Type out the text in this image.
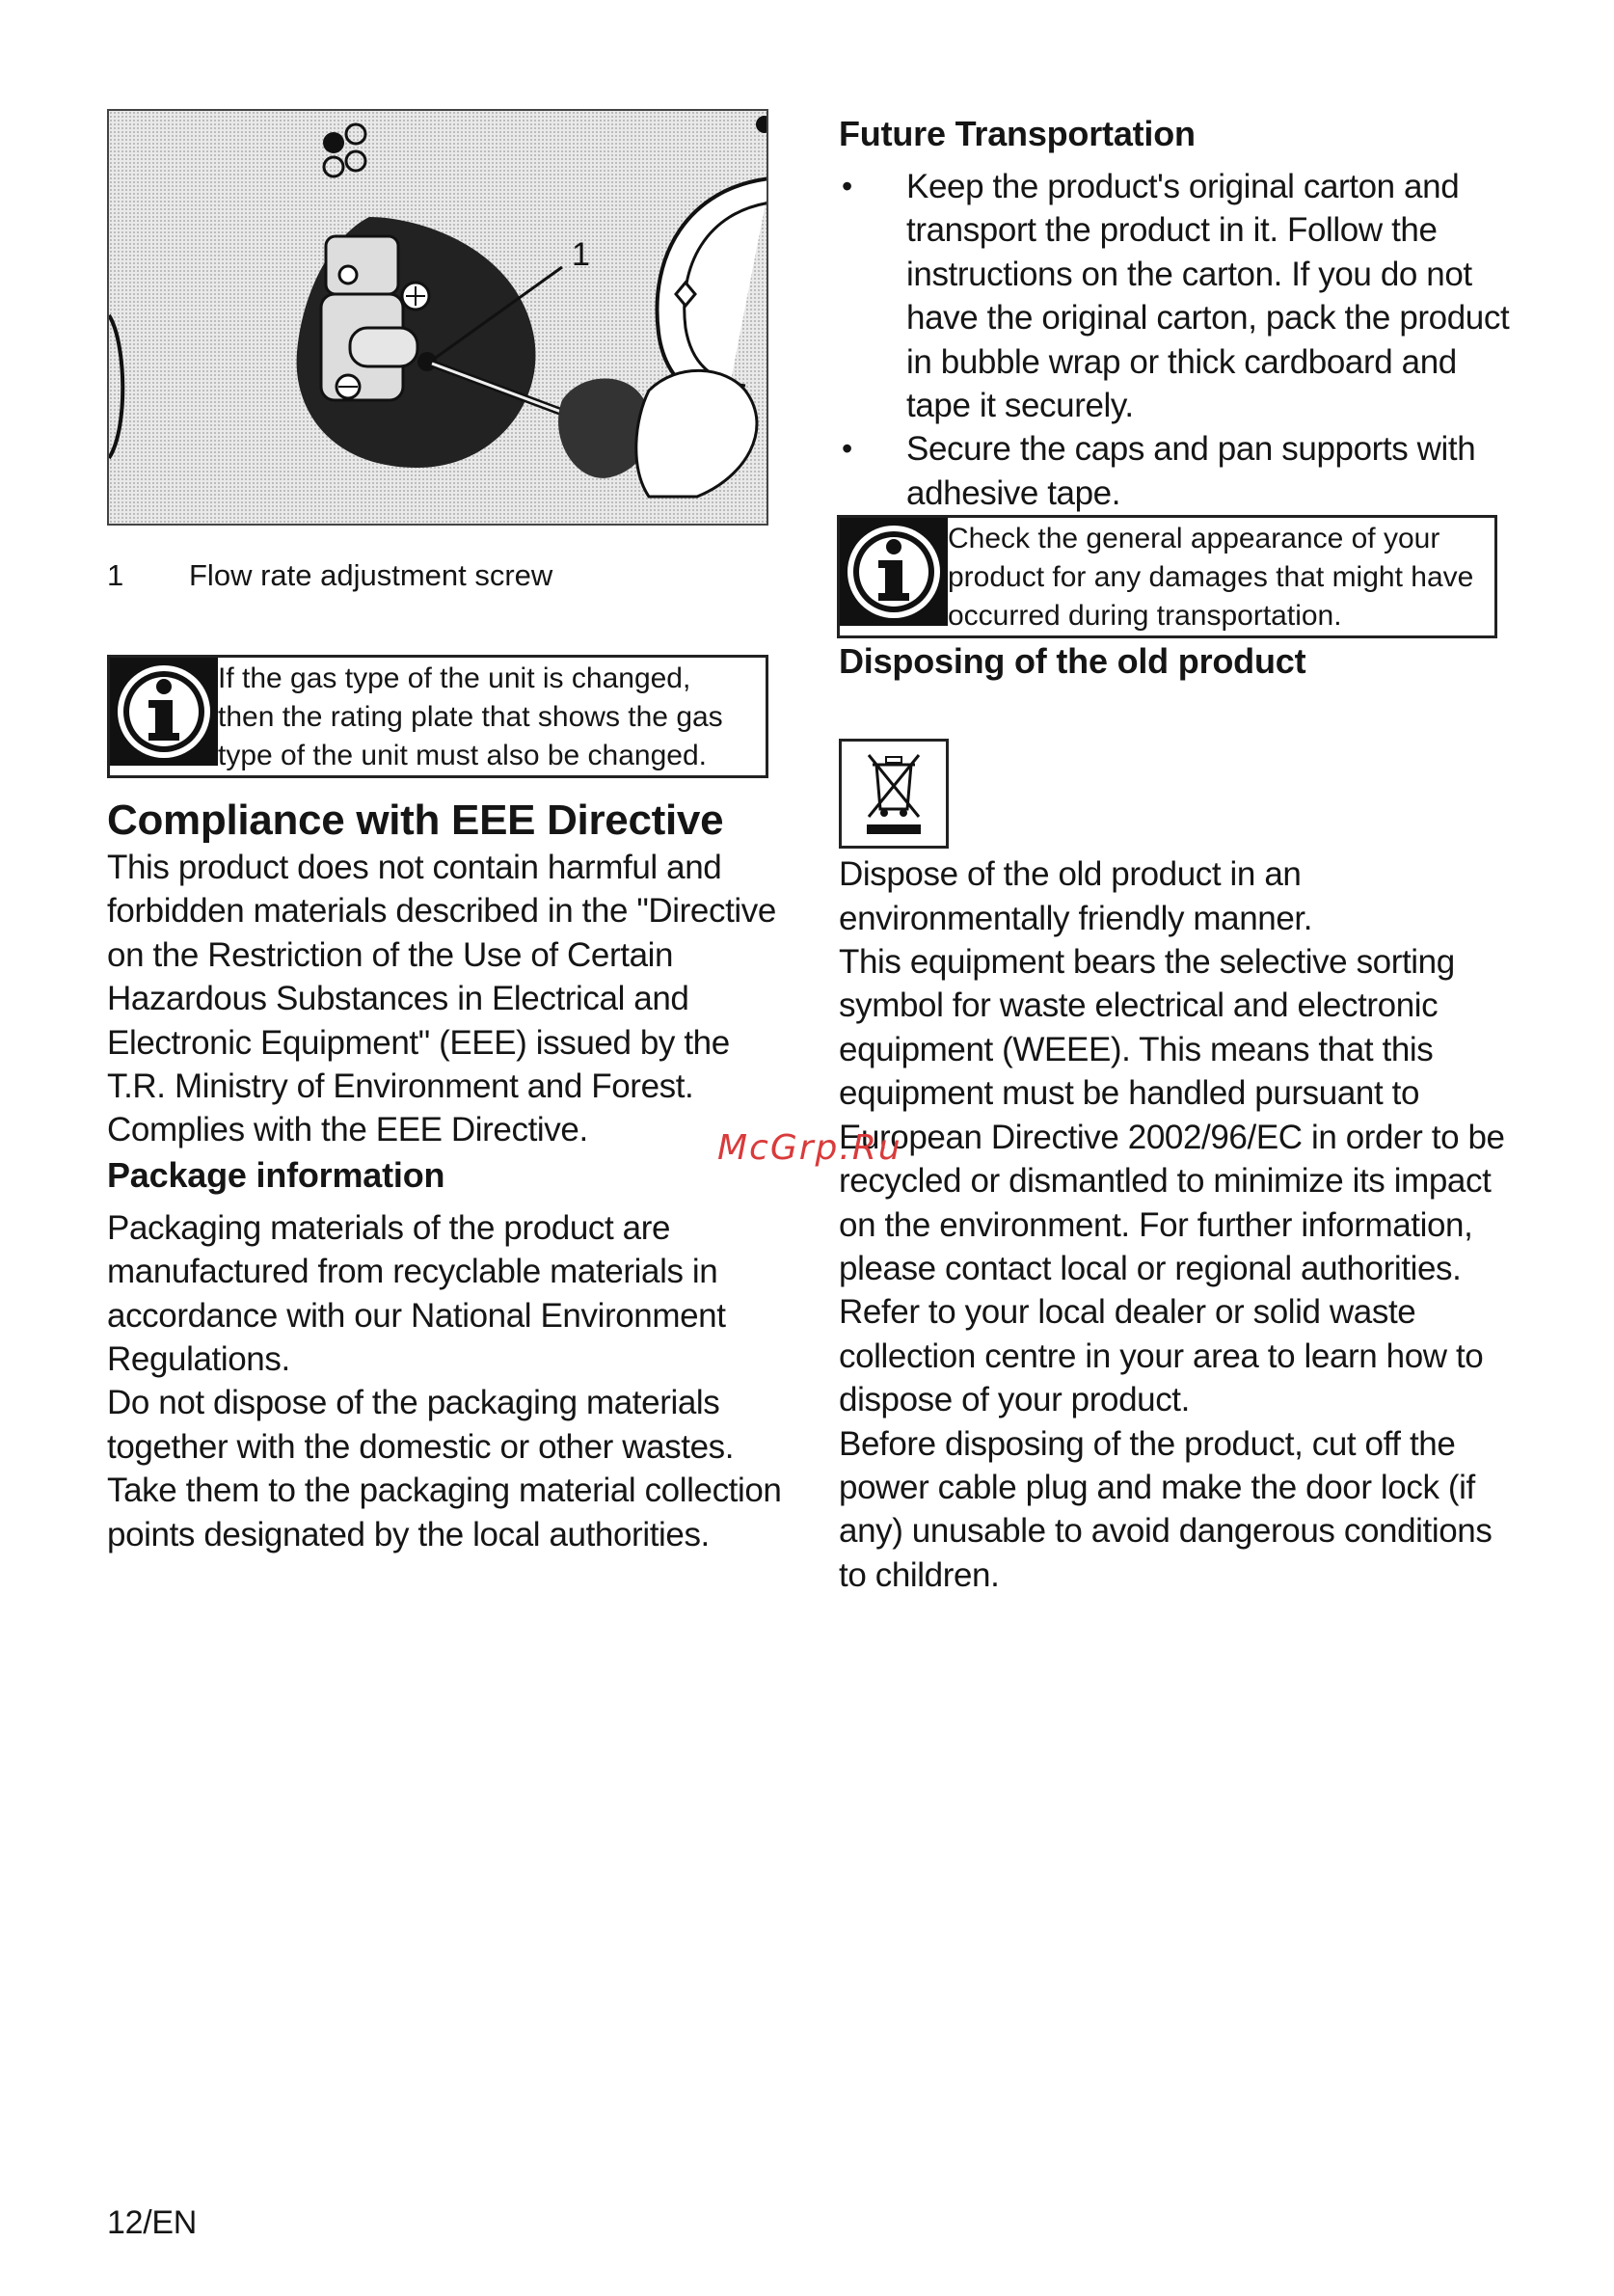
1
1	Flow rate adjustment screw
If the gas type of the unit is changed, then the rating plate that shows the gas type of the unit must also be changed.
Compliance with EEE Directive

This product does not contain harmful and forbidden materials described in the "Directive on the Restriction of the Use of Certain Hazardous Substances in Electrical and Electronic Equipment" (EEE) issued by the T.R. Ministry of Environment and Forest.

Complies with the EEE Directive.

Package information

Packaging materials of the product are manufactured from recyclable materials in accordance with our National Environment Regulations.

Do not dispose of the packaging materials together with the domestic or other wastes. Take them to the packaging material collection points designated by the local authorities.

Future Transportation
• Keep the product's original carton and transport the product in it. Follow the instructions on the carton. If you do not have the original carton, pack the product in bubble wrap or thick cardboard and tape it securely.
• Secure the caps and pan supports with adhesive tape.
Check the general appearance of your product for any damages that might have occurred during transportation.
Disposing of the old product

Dispose of the old product in an environmentally friendly manner.

This equipment bears the selective sorting symbol for waste electrical and electronic equipment (WEEE). This means that this equipment must be handled pursuant to European Directive 2002/96/EC in order to be recycled or dismantled to minimize its impact on the environment. For further information, please contact local or regional authorities.

Refer to your local dealer or solid waste collection centre in your area to learn how to dispose of your product.

Before disposing of the product, cut off the power cable plug and make the door lock (if any) unusable to avoid dangerous conditions to children.

McGrp.Ru
12/EN
